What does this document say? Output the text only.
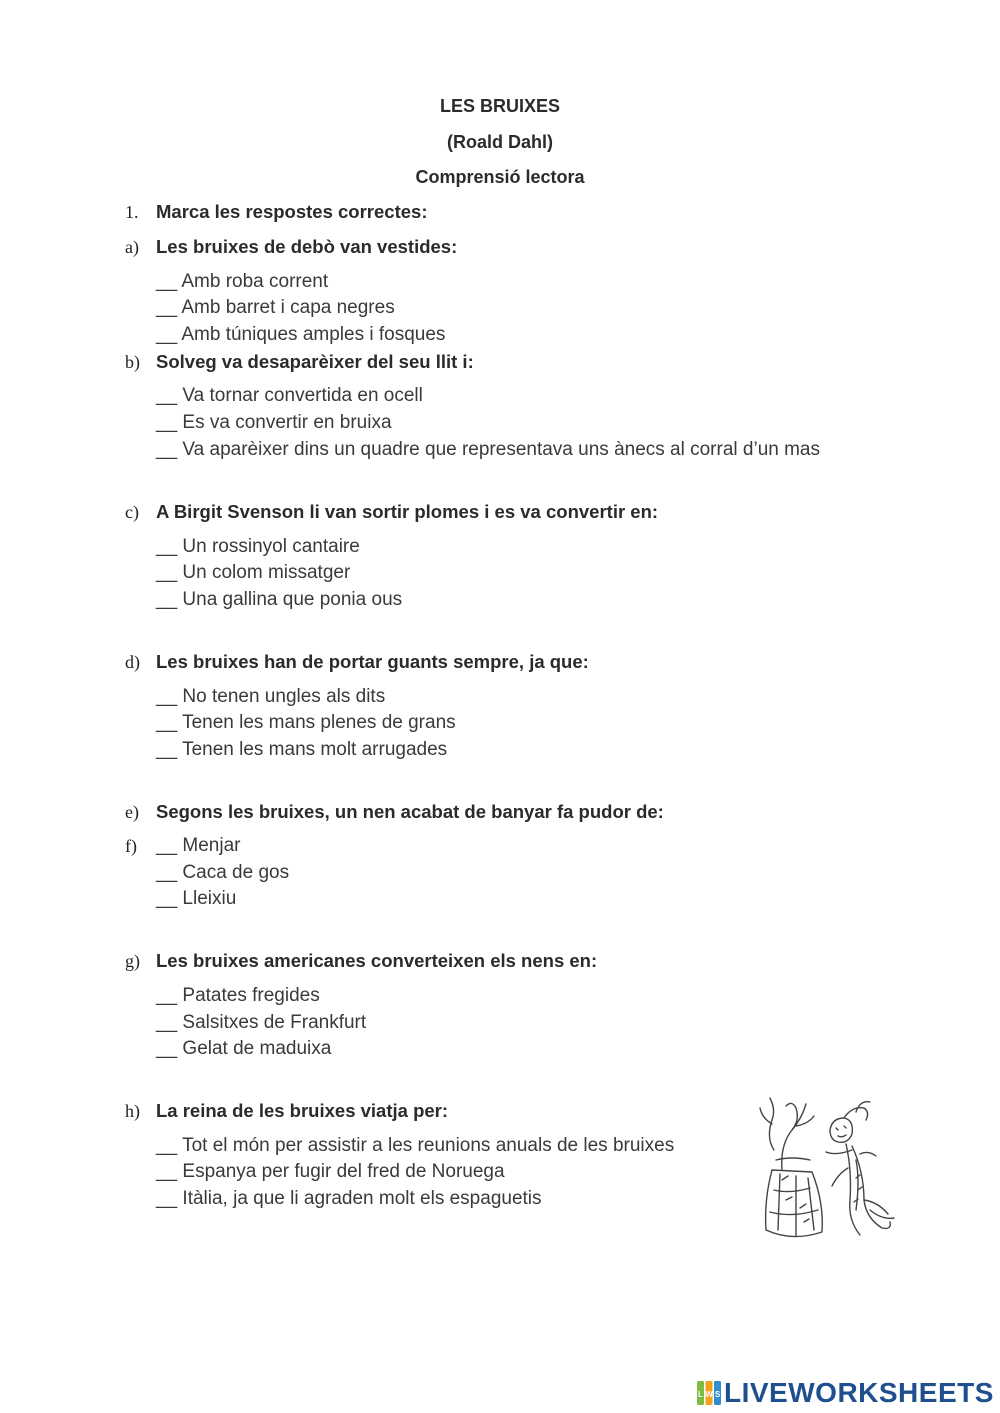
LES BRUIXES
(Roald Dahl)
Comprensió lectora
1. Marca les respostes correctes:
a) Les bruixes de debò van vestides:
__ Amb roba corrent
__ Amb barret i capa negres
__ Amb túniques amples i fosques
b) Solveg va desaparèixer del seu llit i:
__ Va tornar convertida en ocell
__ Es va convertir en bruixa
__ Va aparèixer dins un quadre que representava uns ànecs al corral d’un mas
c) A Birgit Svenson li van sortir plomes i es va convertir en:
__ Un rossinyol cantaire
__ Un colom missatger
__ Una gallina que ponia ous
d) Les bruixes han de portar guants sempre, ja que:
__ No tenen ungles als dits
__ Tenen les mans plenes de grans
__ Tenen les mans molt arrugades
e) Segons les bruixes, un nen acabat de banyar fa pudor de:
f) __ Menjar
__ Caca de gos
__ Lleixiu
g) Les bruixes americanes converteixen els nens en:
__ Patates fregides
__ Salsitxes de Frankfurt
__ Gelat de maduixa
h) La reina de les bruixes viatja per:
__ Tot el món per assistir a les reunions anuals de les bruixes
__ Espanya per fugir del fred de Noruega
__ Itàlia, ja que li agraden molt els espaguetis
L W S LIVEWORKSHEETS
